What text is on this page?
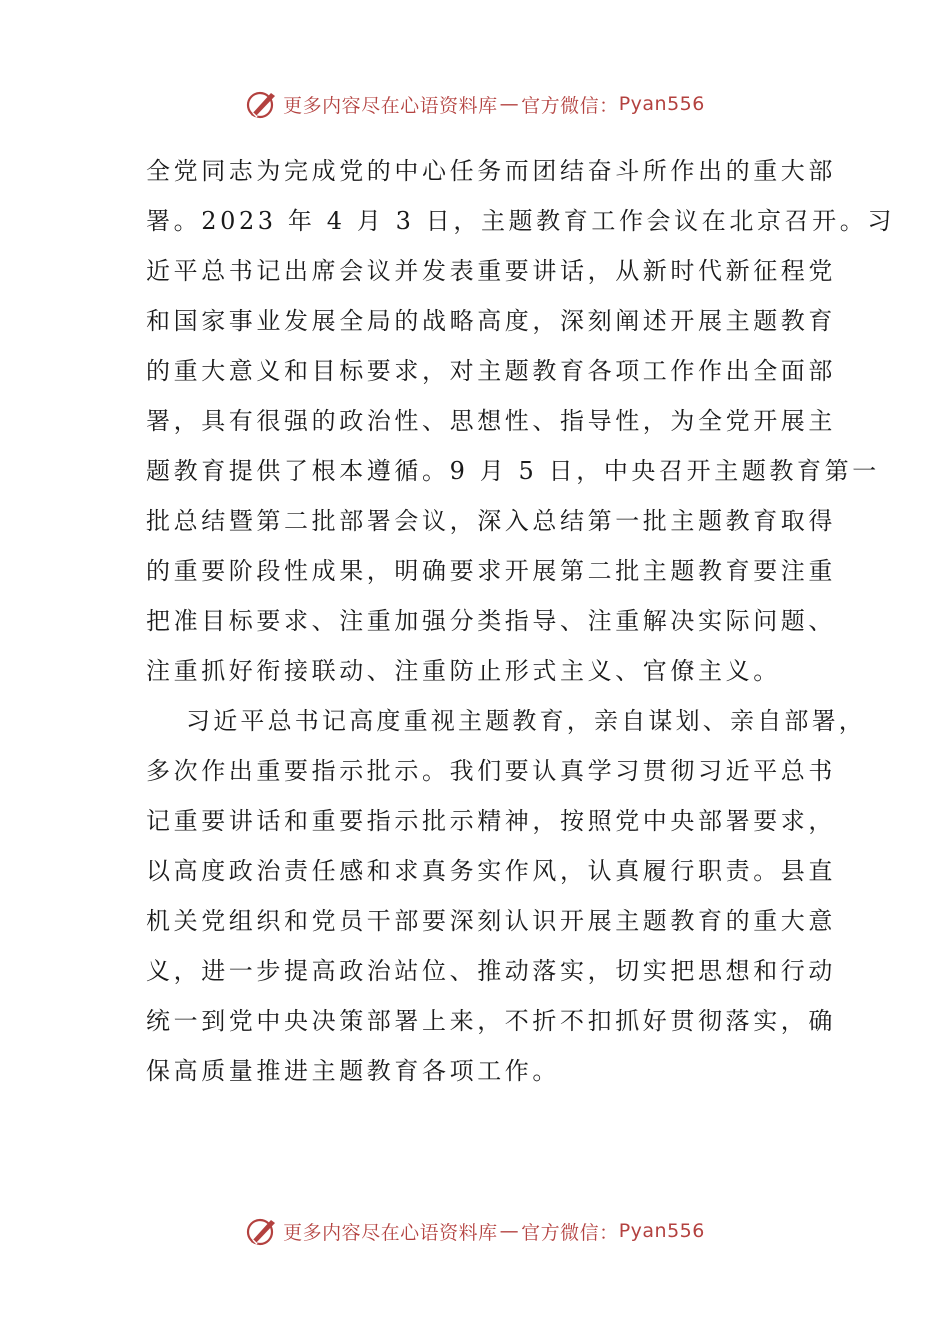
更多内容尽在心语资料库 — 官方微信： Pyan556
全党同志为完成党的中心任务而团结奋斗所作出的重大部
署。2023 年 4 月 3 日，主题教育工作会议在北京召开。习
近平总书记出席会议并发表重要讲话，从新时代新征程党
和国家事业发展全局的战略高度，深刻阐述开展主题教育
的重大意义和目标要求，对主题教育各项工作作出全面部
署，具有很强的政治性、思想性、指导性，为全党开展主
题教育提供了根本遵循。9 月 5 日，中央召开主题教育第一
批总结暨第二批部署会议，深入总结第一批主题教育取得
的重要阶段性成果，明确要求开展第二批主题教育要注重
把准目标要求、注重加强分类指导、注重解决实际问题、
注重抓好衔接联动、注重防止形式主义、官僚主义。
习近平总书记高度重视主题教育，亲自谋划、亲自部署，
多次作出重要指示批示。我们要认真学习贯彻习近平总书
记重要讲话和重要指示批示精神，按照党中央部署要求，
以高度政治责任感和求真务实作风，认真履行职责。县直
机关党组织和党员干部要深刻认识开展主题教育的重大意
义，进一步提高政治站位、推动落实，切实把思想和行动
统一到党中央决策部署上来，不折不扣抓好贯彻落实，确
保高质量推进主题教育各项工作。
更多内容尽在心语资料库 — 官方微信： Pyan556
